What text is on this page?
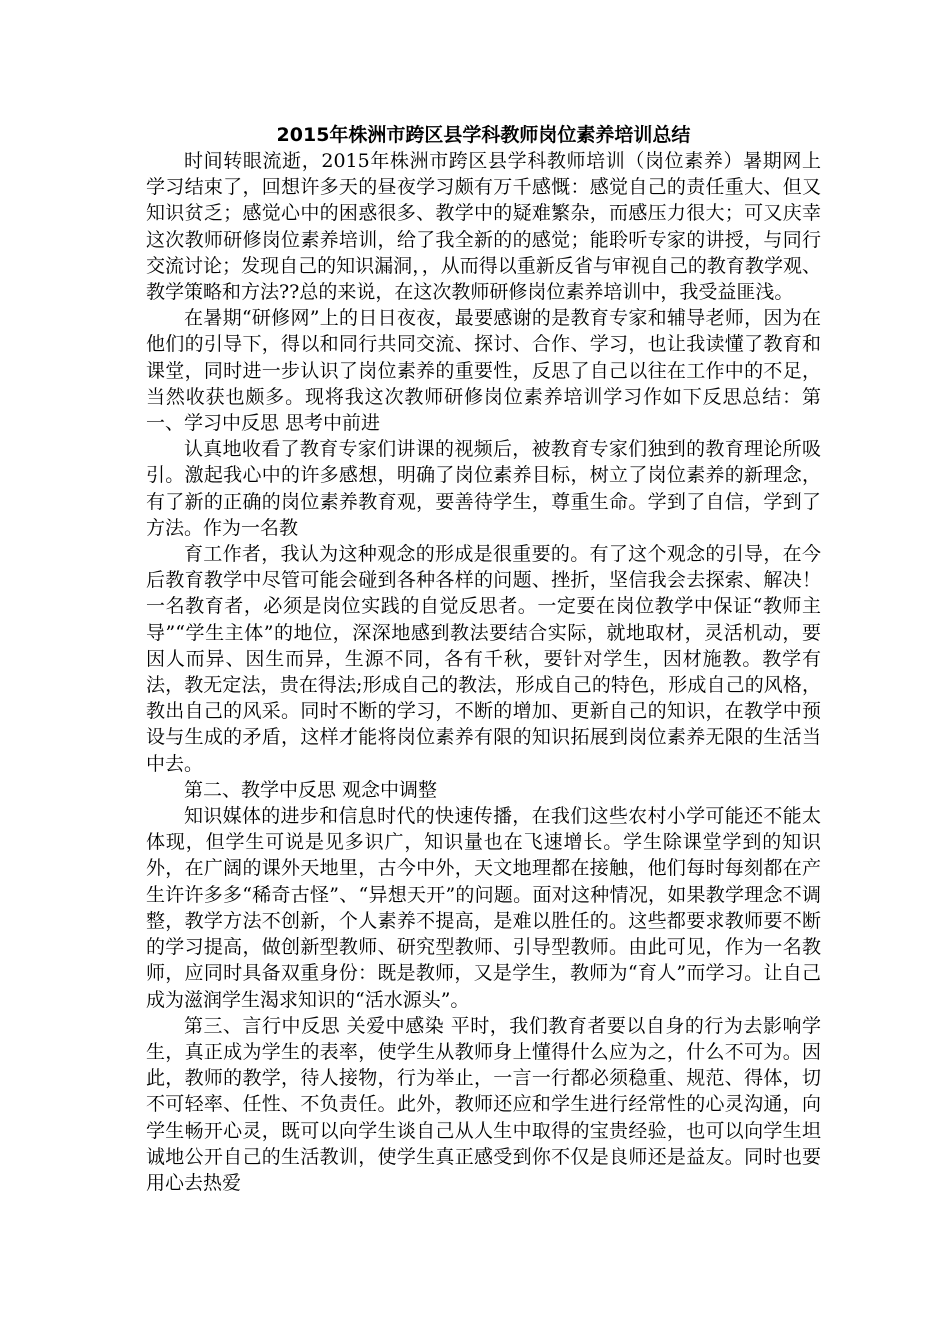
2015年株洲市跨区县学科教师岗位素养培训总结

时间转眼流逝，2015年株洲市跨区县学科教师培训（岗位素养）暑期网上学习结束了，回想许多天的昼夜学习颇有万千感慨：感觉自己的责任重大、但又知识贫乏；感觉心中的困惑很多、教学中的疑难繁杂，而感压力很大；可又庆幸这次教师研修岗位素养培训，给了我全新的的感觉；能聆听专家的讲授，与同行交流讨论；发现自己的知识漏洞，，从而得以重新反省与审视自己的教育教学观、教学策略和方法??总的来说，在这次教师研修岗位素养培训中，我受益匪浅。

在暑期“研修网”上的日日夜夜，最要感谢的是教育专家和辅导老师，因为在他们的引导下，得以和同行共同交流、探讨、合作、学习，也让我读懂了教育和课堂，同时进一步认识了岗位素养的重要性，反思了自己以往在工作中的不足，当然收获也颇多。现将我这次教师研修岗位素养培训学习作如下反思总结：第一、学习中反思 思考中前进

认真地收看了教育专家们讲课的视频后，被教育专家们独到的教育理论所吸引。激起我心中的许多感想，明确了岗位素养目标，树立了岗位素养的新理念，有了新的正确的岗位素养教育观，要善待学生，尊重生命。学到了自信，学到了方法。作为一名教

育工作者，我认为这种观念的形成是很重要的。有了这个观念的引导，在今后教育教学中尽管可能会碰到各种各样的问题、挫折，坚信我会去探索、解决！一名教育者，必须是岗位实践的自觉反思者。一定要在岗位教学中保证“教师主导”“学生主体”的地位，深深地感到教法要结合实际，就地取材，灵活机动，要因人而异、因生而异，生源不同，各有千秋，要针对学生，因材施教。教学有法，教无定法，贵在得法;形成自己的教法，形成自己的特色，形成自己的风格，教出自己的风采。同时不断的学习，不断的增加、更新自己的知识，在教学中预设与生成的矛盾，这样才能将岗位素养有限的知识拓展到岗位素养无限的生活当中去。

第二、教学中反思 观念中调整

知识媒体的进步和信息时代的快速传播，在我们这些农村小学可能还不能太体现，但学生可说是见多识广，知识量也在飞速增长。学生除课堂学到的知识外，在广阔的课外天地里，古今中外，天文地理都在接触，他们每时每刻都在产生许许多多“稀奇古怪”、“异想天开”的问题。面对这种情况，如果教学理念不调整，教学方法不创新，个人素养不提高，是难以胜任的。这些都要求教师要不断的学习提高，做创新型教师、研究型教师、引导型教师。由此可见，作为一名教师，应同时具备双重身份：既是教师，又是学生，教师为“育人”而学习。让自己成为滋润学生渴求知识的“活水源头”。

第三、言行中反思 关爱中感染 平时，我们教育者要以自身的行为去影响学生，真正成为学生的表率，使学生从教师身上懂得什么应为之，什么不可为。因此，教师的教学，待人接物，行为举止，一言一行都必须稳重、规范、得体，切不可轻率、任性、不负责任。此外，教师还应和学生进行经常性的心灵沟通，向学生畅开心灵，既可以向学生谈自己从人生中取得的宝贵经验，也可以向学生坦诚地公开自己的生活教训，使学生真正感受到你不仅是良师还是益友。同时也要用心去热爱
